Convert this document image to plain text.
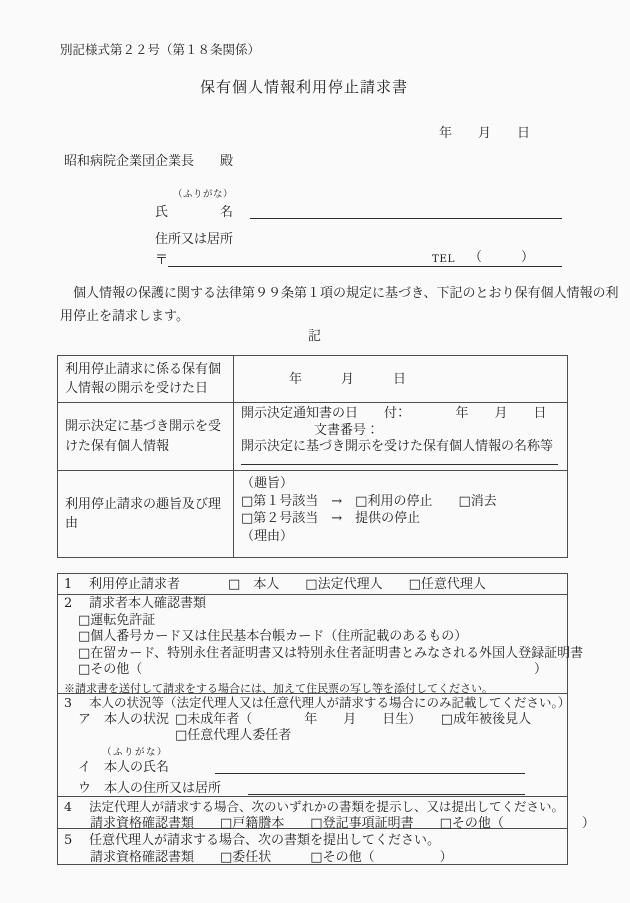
別記様式第２２号（第１８条関係）
保有個人情報利用停止請求書
年　　月　　日
昭和病院企業団企業長　　殿
（ふりがな）
氏　　　　名
住所又は居所
〒	TEL （　　　）
　個人情報の保護に関する法律第９９条第１項の規定に基づき、下記のとおり保有個人情報の利
用停止を請求します。
記
利用停止請求に係る保有個人情報の開示を受けた日	年　　　月　　　日
開示決定に基づき開示を受けた保有個人情報	開示決定通知書の日　　付：　　　　年　　月　　日
文書番号：
開示決定に基づき開示を受けた保有個人情報の名称等

利用停止請求の趣旨及び理由	（趣旨）
□第１号該当　→　□利用の停止　　□消去
□第２号該当　→　提供の停止
（理由）
1	利用停止請求者	□　本人　　□法定代理人　　□任意代理人
2 請求者本人確認書類
□運転免許証
□個人番号カード又は住民基本台帳カード（住所記載のあるもの）
□在留カード、特別永住者証明書又は特別永住者証明書とみなされる外国人登録証明書
□その他（	）
※請求書を送付して請求をする場合には、加えて住民票の写し等を添付してください。
3 本人の状況等（法定代理人又は任意代理人が請求する場合にのみ記載してください。）
ア　本人の状況 □未成年者（　　　　年　　月　　日生）　　□成年被後見人
□任意代理人委任者
（ふりがな）
イ　本人の氏名
ウ　本人の住所又は居所
4 法定代理人が請求する場合、次のいずれかの書類を提示し、又は提出してください。
請求資格確認書類　　□戸籍謄本　　□登記事項証明書　　□その他（　　　　　　）
5 任意代理人が請求する場合、次の書類を提出してください。
請求資格確認書類　　□委任状　　　□その他（　　　　　）
